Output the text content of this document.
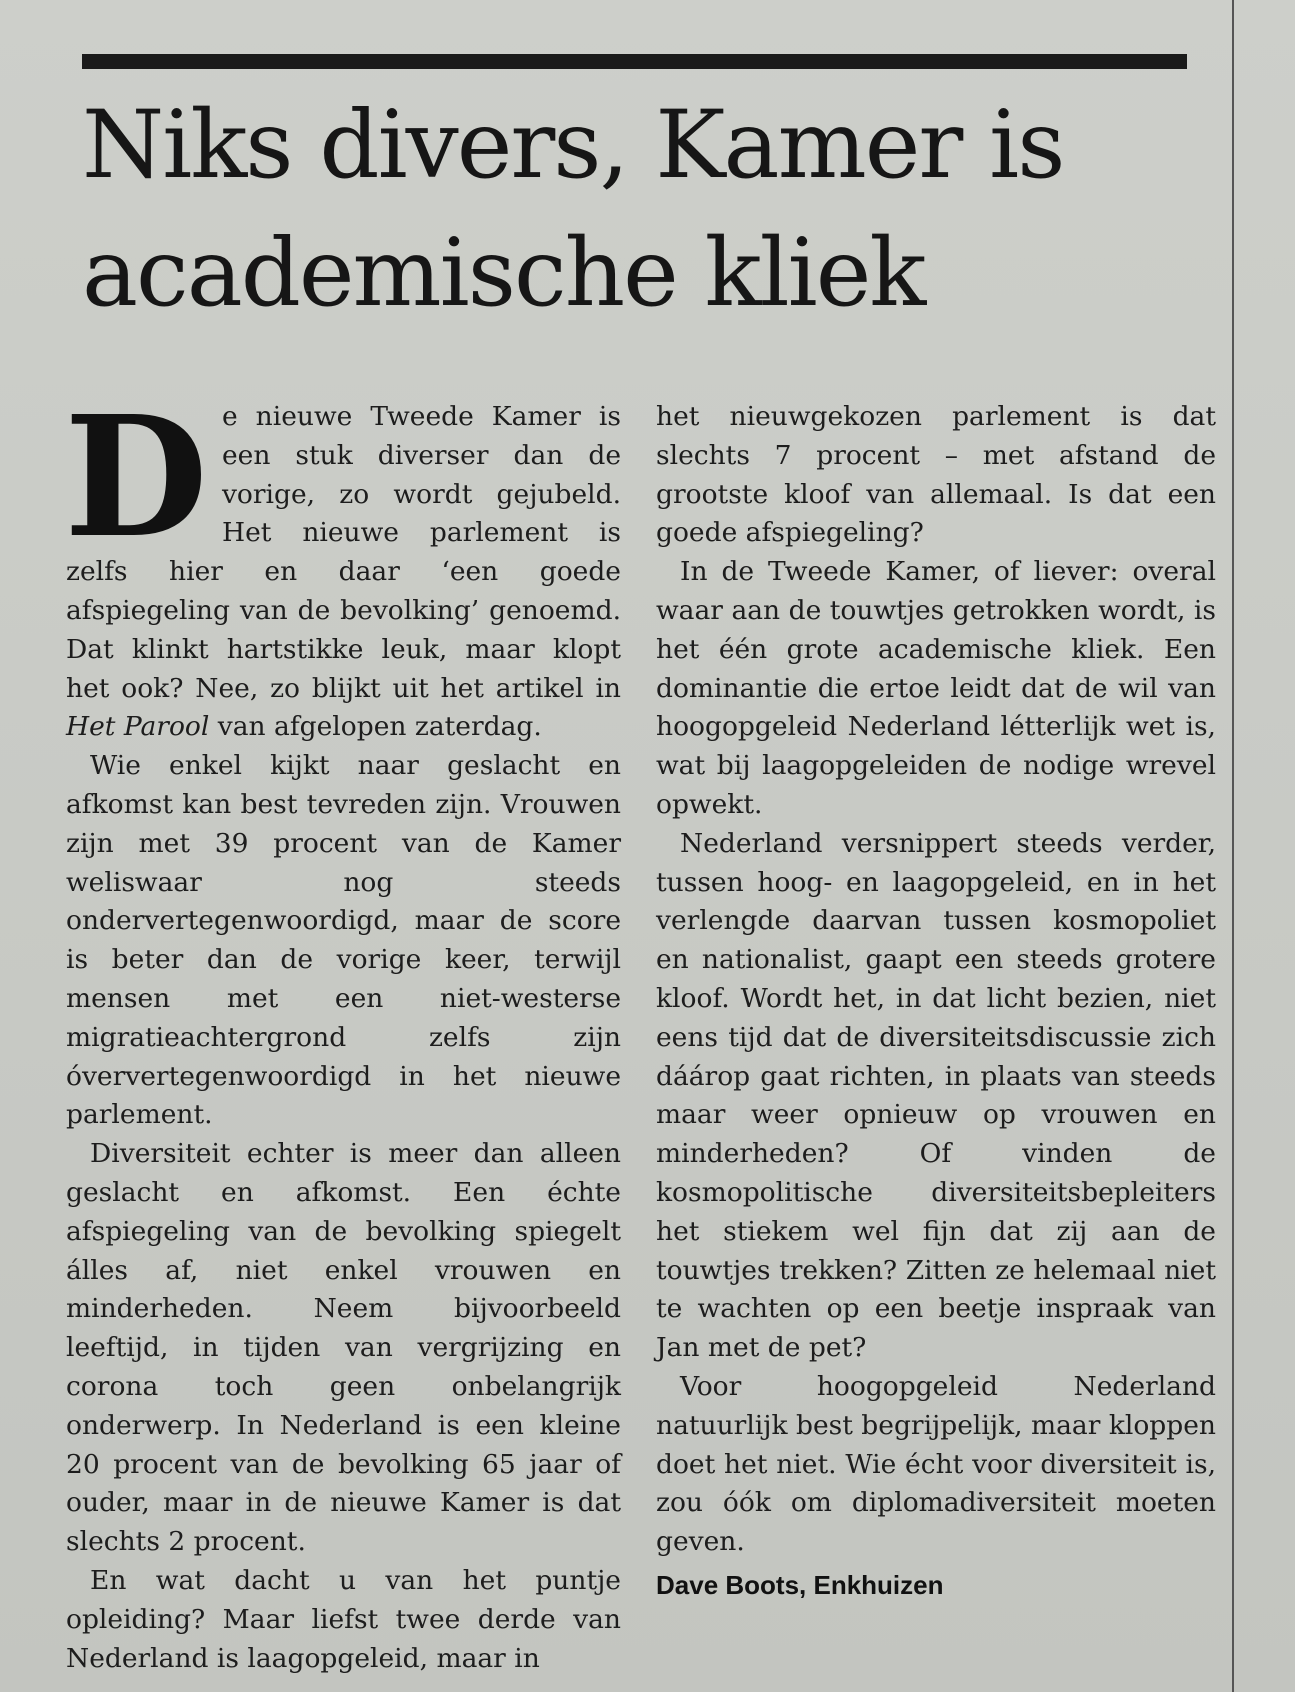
Niks divers, Kamer is academische kliek

De nieuwe Tweede Kamer is een stuk diverser dan de vorige, zo wordt gejubeld. Het nieuwe parlement is zelfs hier en daar ‘een goede afspiegeling van de bevolking’ genoemd. Dat klinkt hartstikke leuk, maar klopt het ook? Nee, zo blijkt uit het artikel in Het Parool van afgelopen zaterdag.

Wie enkel kijkt naar geslacht en afkomst kan best tevreden zijn. Vrouwen zijn met 39 procent van de Kamer weliswaar nog steeds ondervertegenwoordigd, maar de score is beter dan de vorige keer, terwijl mensen met een niet-westerse migratieachtergrond zelfs zijn óververtegenwoordigd in het nieuwe parlement.

Diversiteit echter is meer dan alleen geslacht en afkomst. Een échte afspiegeling van de bevolking spiegelt álles af, niet enkel vrouwen en minderheden. Neem bijvoorbeeld leeftijd, in tijden van vergrijzing en corona toch geen onbelangrijk onderwerp. In Nederland is een kleine 20 procent van de bevolking 65 jaar of ouder, maar in de nieuwe Kamer is dat slechts 2 procent.

En wat dacht u van het puntje opleiding? Maar liefst twee derde van Nederland is laagopgeleid, maar in

het nieuwgekozen parlement is dat slechts 7 procent – met afstand de grootste kloof van allemaal. Is dat een goede afspiegeling?

In de Tweede Kamer, of liever: overal waar aan de touwtjes getrokken wordt, is het één grote academische kliek. Een dominantie die ertoe leidt dat de wil van hoogopgeleid Nederland létterlijk wet is, wat bij laagopgeleiden de nodige wrevel opwekt.

Nederland versnippert steeds verder, tussen hoog- en laagopgeleid, en in het verlengde daarvan tussen kosmopoliet en nationalist, gaapt een steeds grotere kloof. Wordt het, in dat licht bezien, niet eens tijd dat de diversiteitsdiscussie zich dáárop gaat richten, in plaats van steeds maar weer opnieuw op vrouwen en minderheden? Of vinden de kosmopolitische diversiteitsbepleiters het stiekem wel fijn dat zij aan de touwtjes trekken? Zitten ze helemaal niet te wachten op een beetje inspraak van Jan met de pet?

Voor hoogopgeleid Nederland natuurlijk best begrijpelijk, maar kloppen doet het niet. Wie écht voor diversiteit is, zou óók om diplomadiversiteit moeten geven.

Dave Boots, Enkhuizen
